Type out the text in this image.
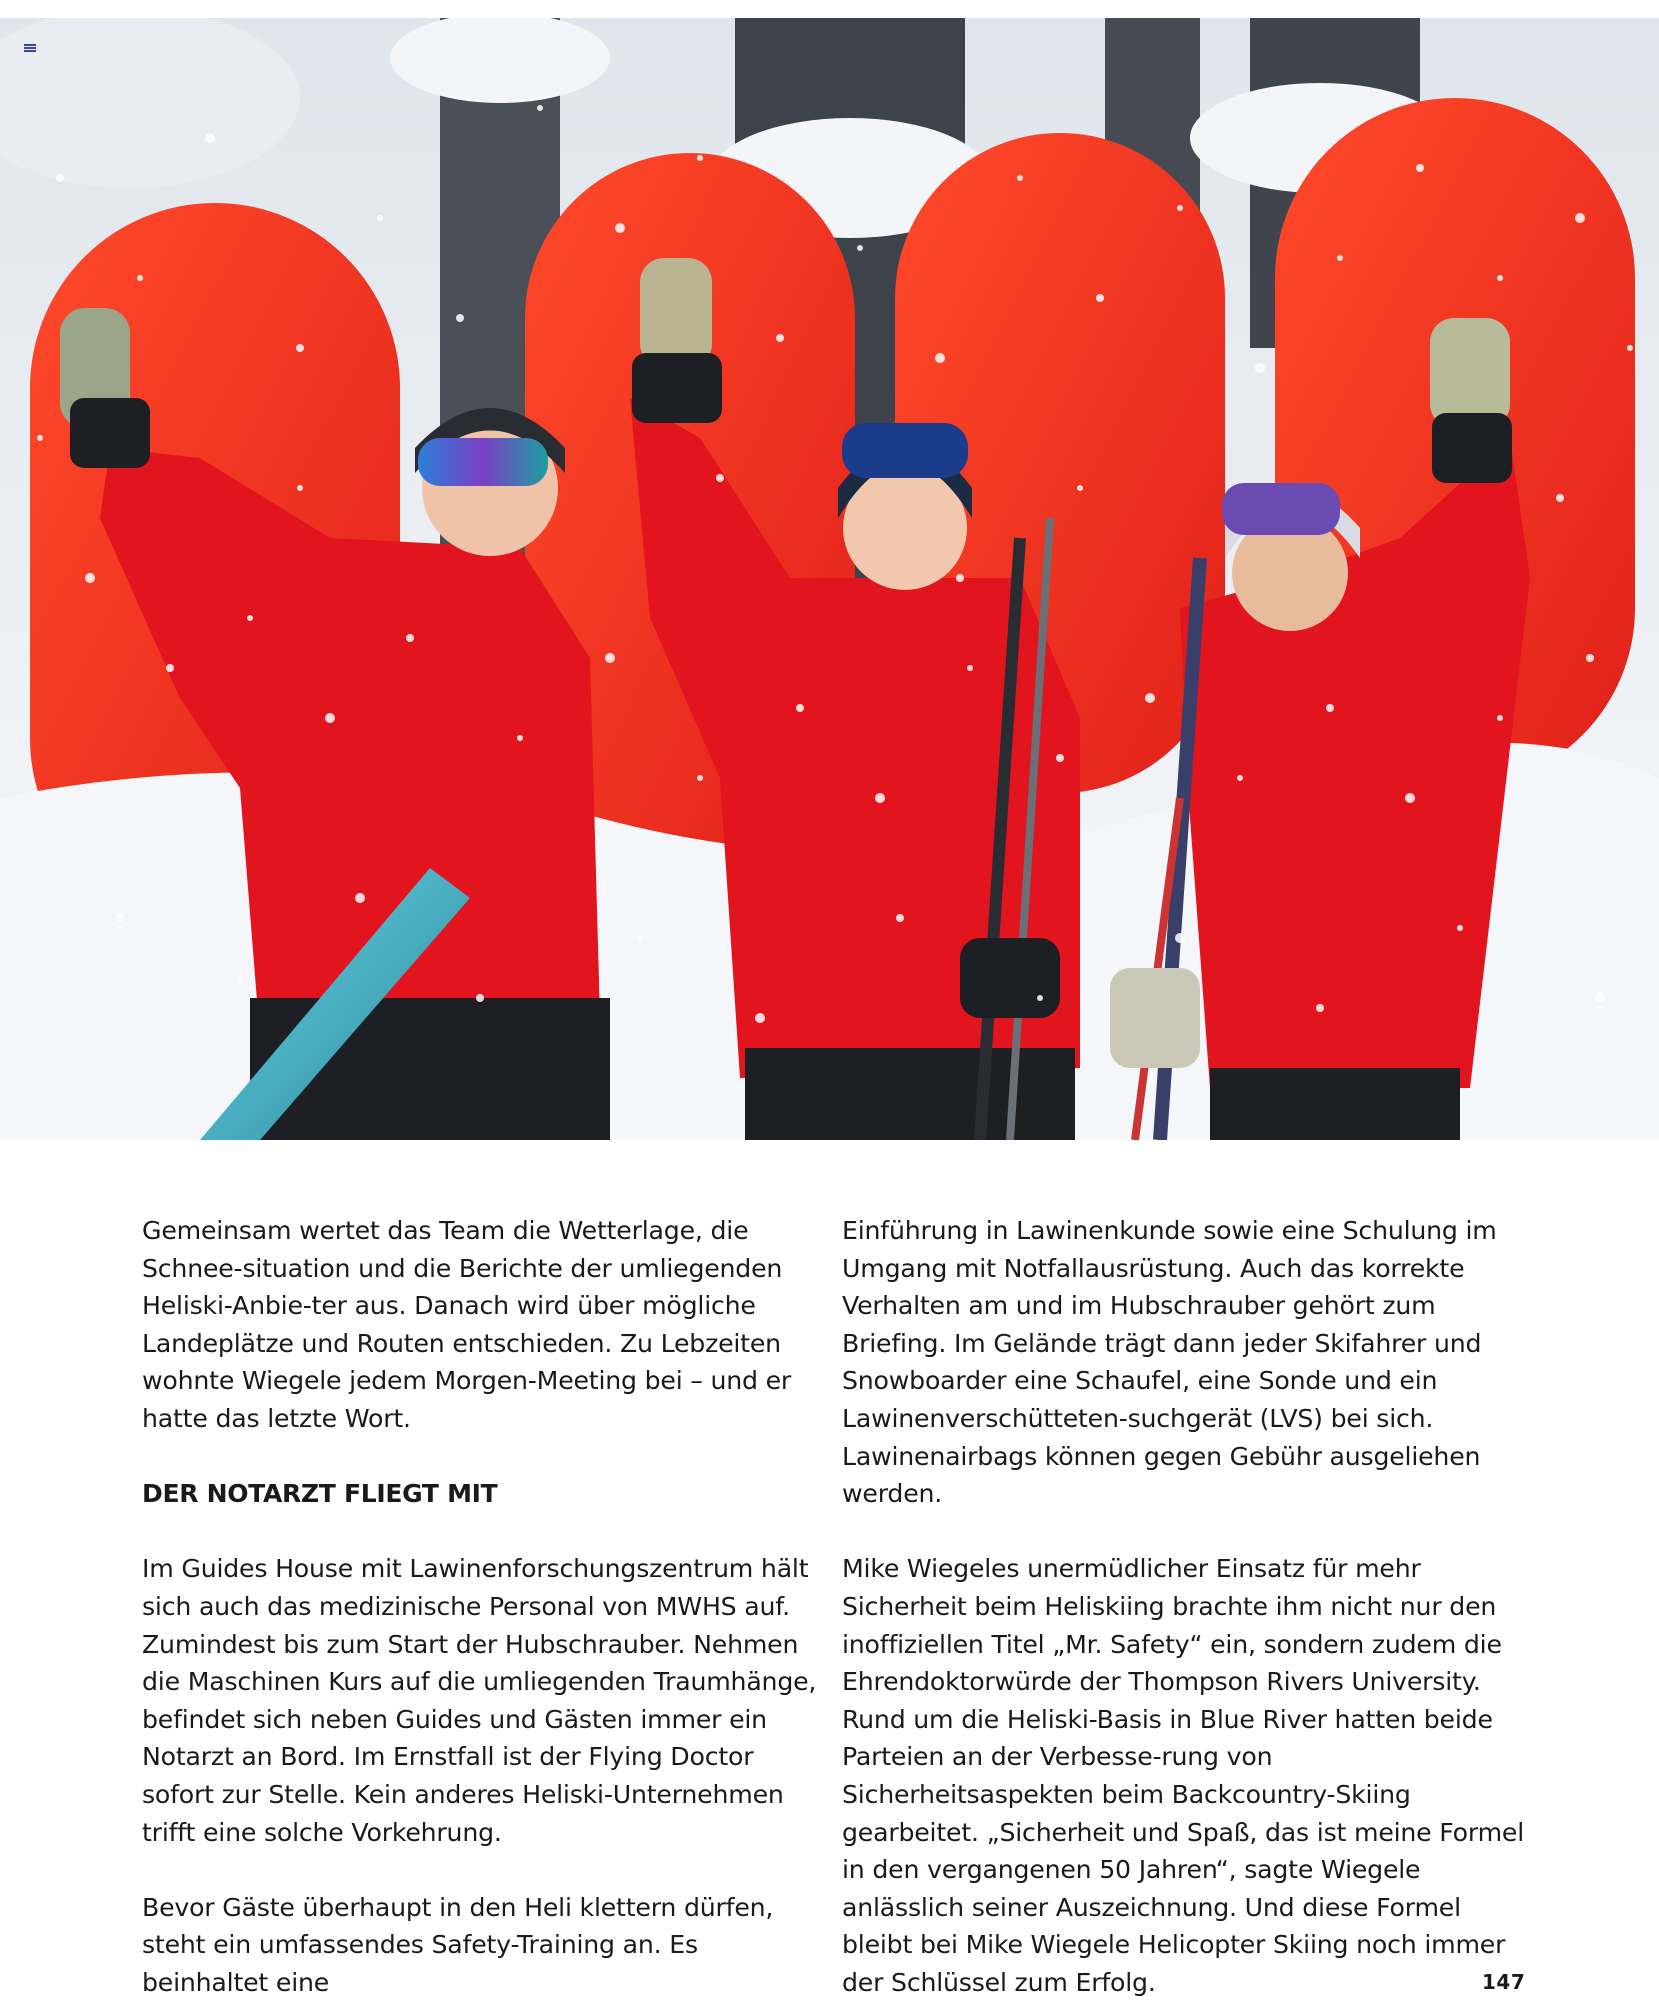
Gemeinsam wertet das Team die Wetterlage, die Schnee-situation und die Berichte der umliegenden Heliski-Anbie-ter aus. Danach wird über mögliche Landeplätze und Routen entschieden. Zu Lebzeiten wohnte Wiegele jedem Morgen-Meeting bei – und er hatte das letzte Wort.

DER NOTARZT FLIEGT MIT

Im Guides House mit Lawinenforschungszentrum hält sich auch das medizinische Personal von MWHS auf. Zumindest bis zum Start der Hubschrauber. Nehmen die Maschinen Kurs auf die umliegenden Traumhänge, befindet sich neben Guides und Gästen immer ein Notarzt an Bord. Im Ernstfall ist der Flying Doctor sofort zur Stelle. Kein anderes Heliski-Unternehmen trifft eine solche Vorkehrung.

Bevor Gäste überhaupt in den Heli klettern dürfen, steht ein umfassendes Safety-Training an. Es beinhaltet eine

Einführung in Lawinenkunde sowie eine Schulung im Umgang mit Notfallausrüstung. Auch das korrekte Verhalten am und im Hubschrauber gehört zum Briefing. Im Gelände trägt dann jeder Skifahrer und Snowboarder eine Schaufel, eine Sonde und ein Lawinenverschütteten-suchgerät (LVS) bei sich. Lawinenairbags können gegen Gebühr ausgeliehen werden.

Mike Wiegeles unermüdlicher Einsatz für mehr Sicherheit beim Heliskiing brachte ihm nicht nur den inoffiziellen Titel „Mr. Safety“ ein, sondern zudem die Ehrendoktorwürde der Thompson Rivers University. Rund um die Heliski-Basis in Blue River hatten beide Parteien an der Verbesse-rung von Sicherheitsaspekten beim Backcountry-Skiing gearbeitet. „Sicherheit und Spaß, das ist meine Formel in den vergangenen 50 Jahren“, sagte Wiegele anlässlich seiner Auszeichnung. Und diese Formel bleibt bei Mike Wiegele Helicopter Skiing noch immer der Schlüssel zum Erfolg.	147
